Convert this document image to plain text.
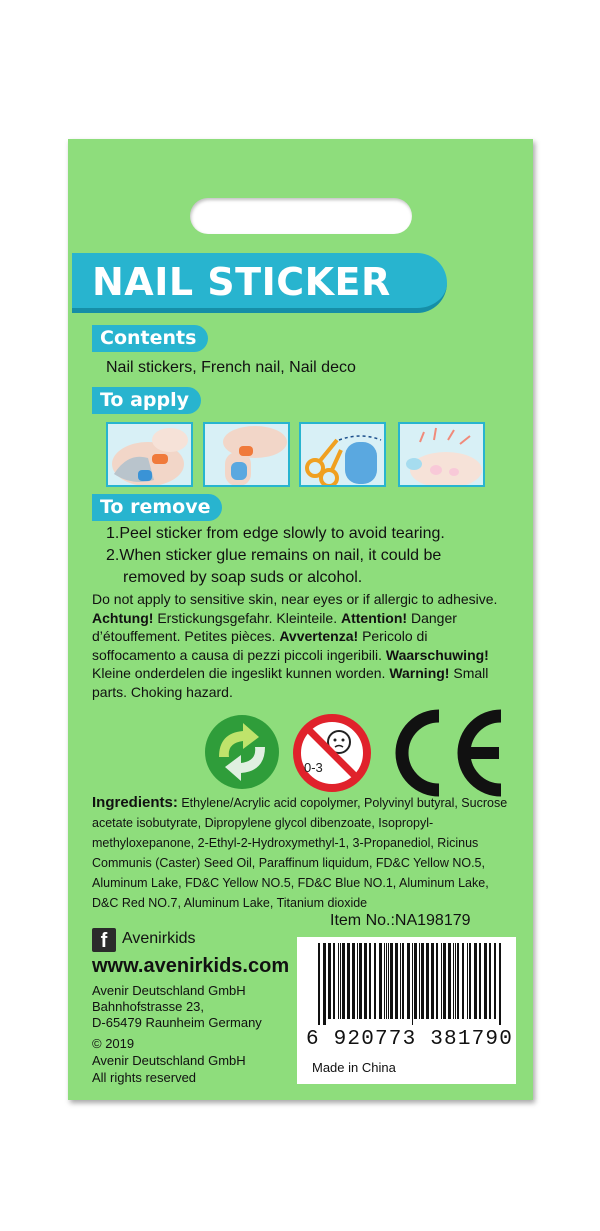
NAIL STICKER
Contents
Nail stickers, French nail, Nail deco
To apply
To remove
1.Peel sticker from edge slowly to avoid tearing.
2.When sticker glue remains on nail, it could be
removed by soap suds or alcohol.
Do not apply to sensitive skin, near eyes or if allergic to adhesive. Achtung! Erstickungsgefahr. Kleinteile. Attention! Danger d’étouffement. Petites pièces. Avvertenza! Pericolo di soffocamento a causa di pezzi piccoli ingeribili. Waarschuwing! Kleine onderdelen die ingeslikt kunnen worden. Warning! Small parts. Choking hazard.
0-3
Ingredients: Ethylene/Acrylic acid copolymer, Polyvinyl butyral, Sucrose acetate isobutyrate, Dipropylene glycol dibenzoate, Isopropyl-methyloxepanone, 2-Ethyl-2-Hydroxymethyl-1, 3-Propanediol, Ricinus Communis (Caster) Seed Oil, Paraffinum liquidum, FD&C Yellow NO.5, Aluminum Lake, FD&C Yellow NO.5, FD&C Blue NO.1, Aluminum Lake, D&C Red NO.7, Aluminum Lake, Titanium dioxide
Item No.:NA198179
f Avenirkids
www.avenirkids.com
Avenir Deutschland GmbH
Bahnhofstrasse 23,
D-65479 Raunheim Germany
© 2019
Avenir Deutschland GmbH
All rights reserved
6 920773 381790
Made in China
